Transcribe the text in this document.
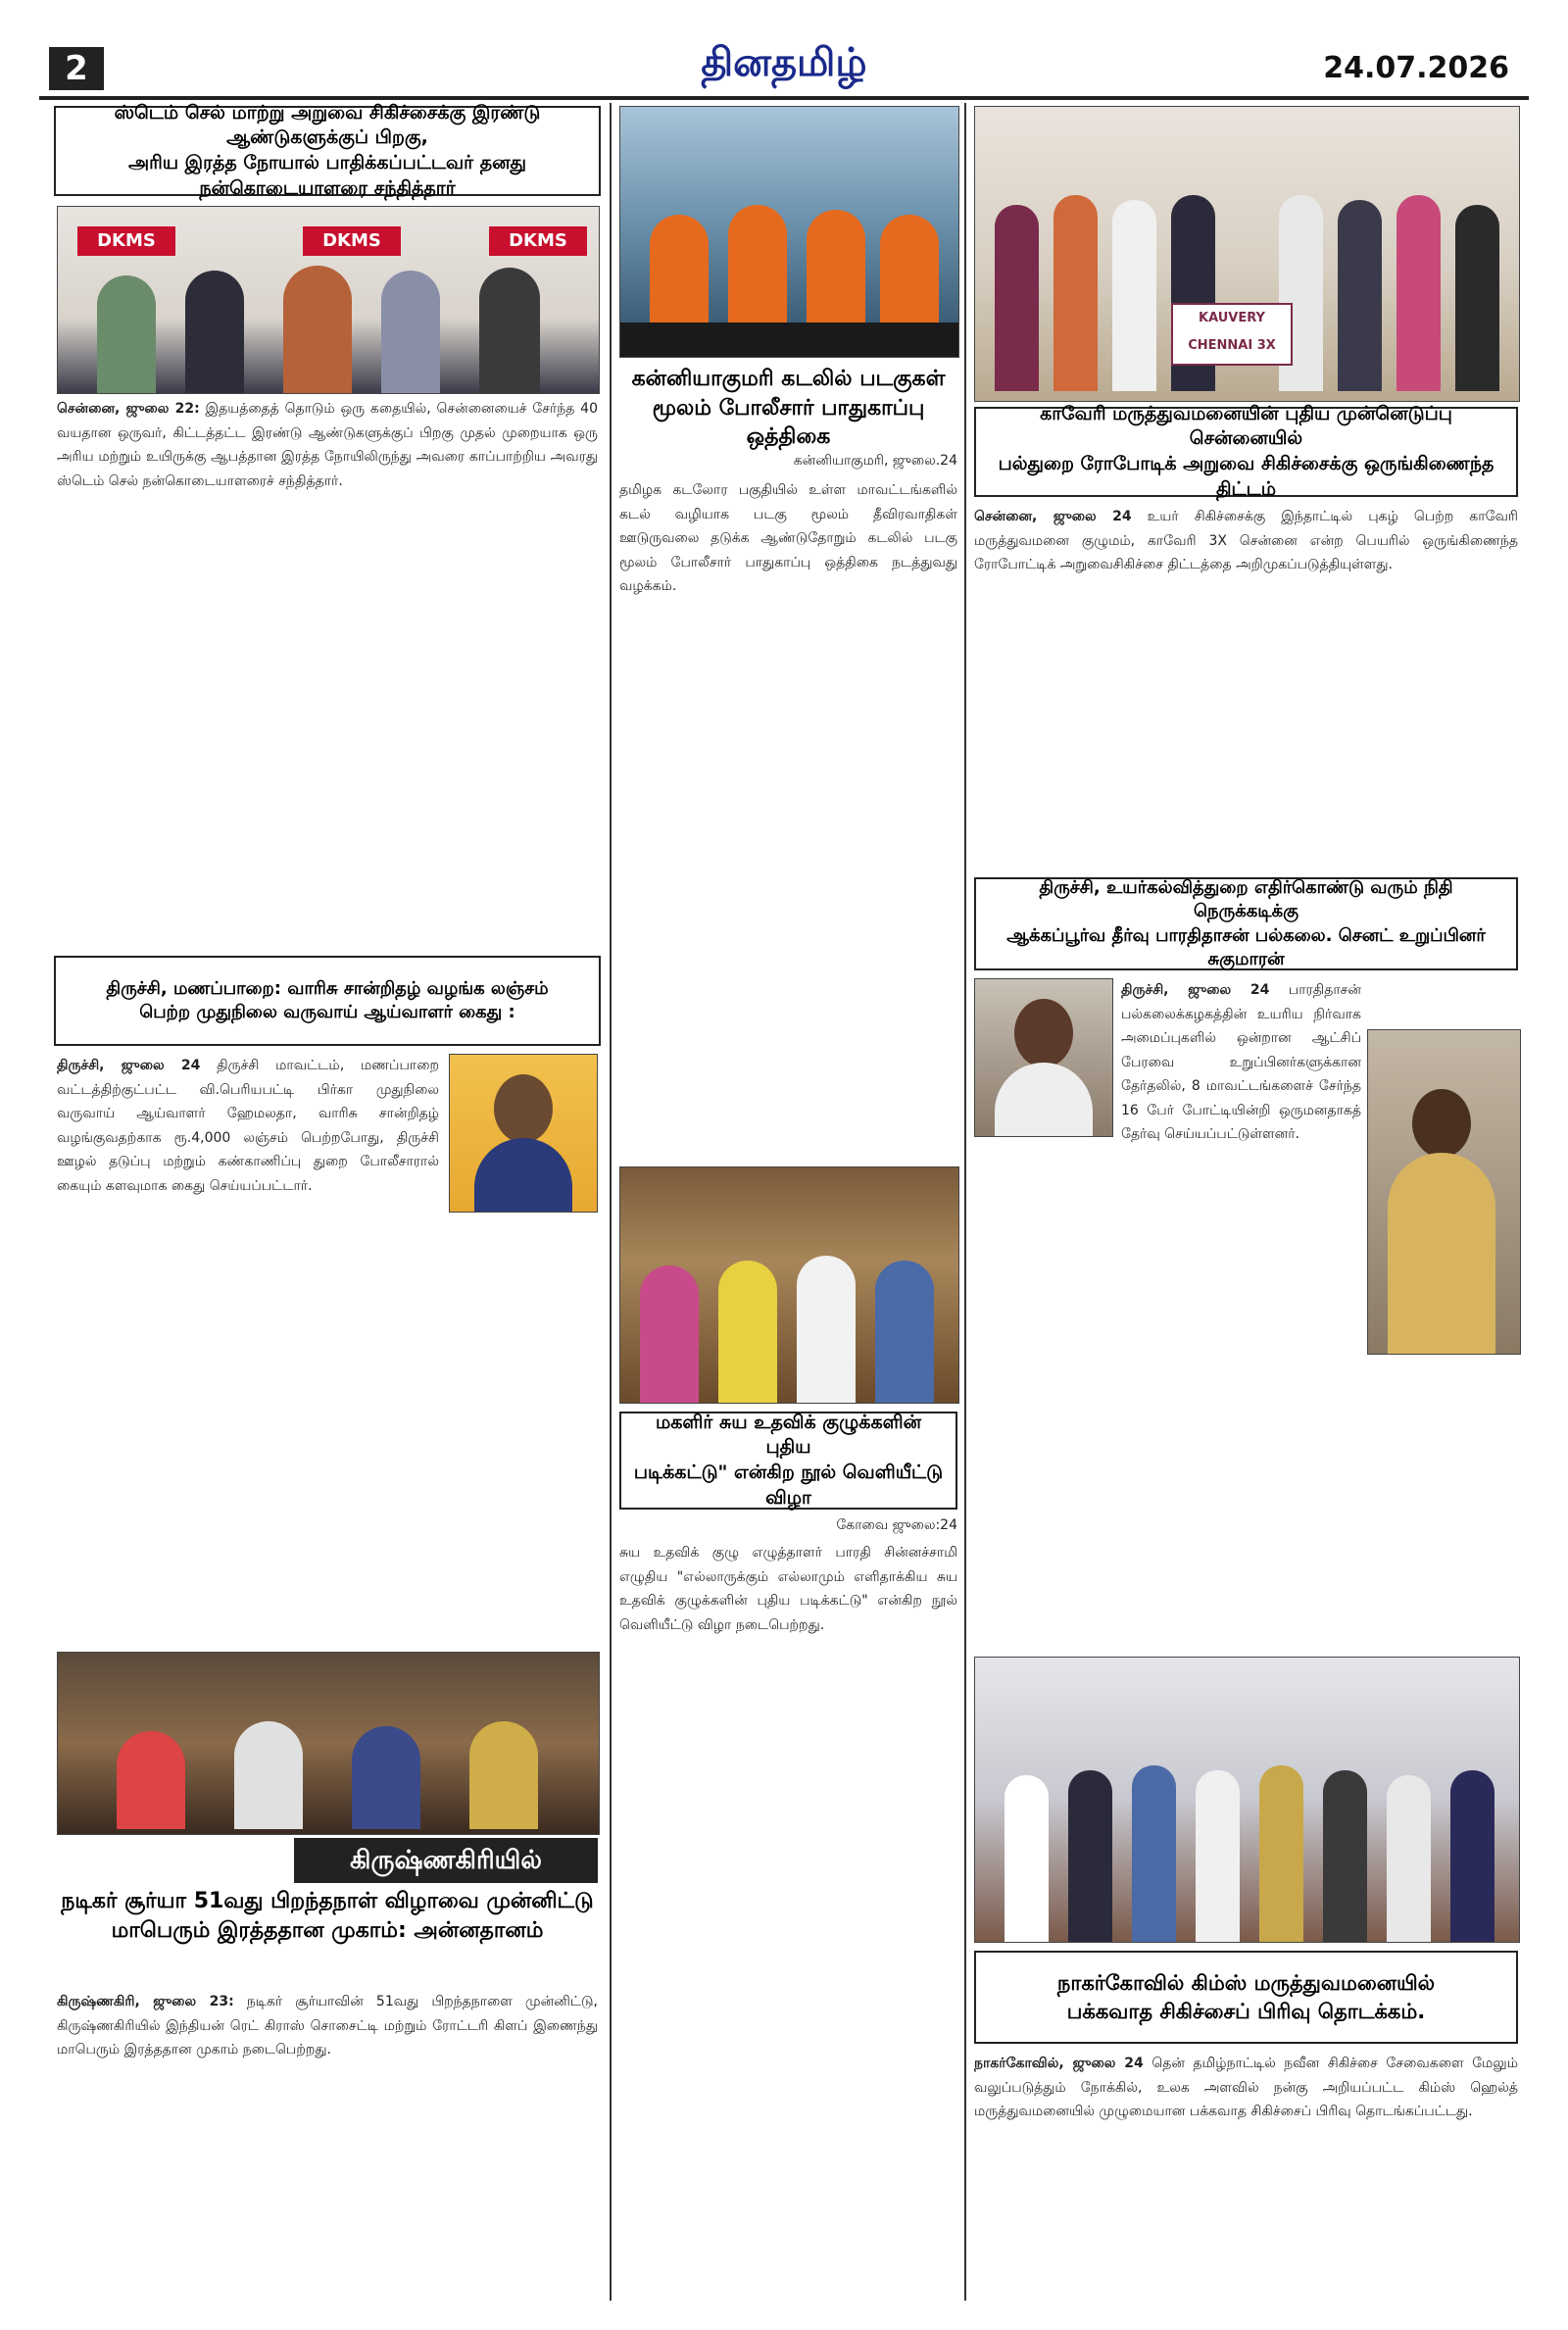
2	தினதமிழ்	24.07.2026
ஸ்டெம் செல் மாற்று அறுவை சிகிச்சைக்கு இரண்டு ஆண்டுகளுக்குப் பிறகு,
அரிய இரத்த நோயால் பாதிக்கப்பட்டவர் தனது நன்கொடையாளரை சந்தித்தார்
DKMS	DKMS	DKMS
சென்னை, ஜுலை 22: இதயத்தைத் தொடும் ஒரு கதையில், சென்னையைச் சேர்ந்த 40 வயதான ஒருவர், கிட்டத்தட்ட இரண்டு ஆண்டுகளுக்குப் பிறகு முதல் முறையாக ஒரு அரிய மற்றும் உயிருக்கு ஆபத்தான இரத்த நோயிலிருந்து அவரை காப்பாற்றிய அவரது ஸ்டெம் செல் நன்கொடையாளரைச் சந்தித்தார்.
திருச்சி, மணப்பாறை: வாரிசு சான்றிதழ் வழங்க லஞ்சம்
பெற்ற முதுநிலை வருவாய் ஆய்வாளர் கைது :
திருச்சி, ஜுலை 24 திருச்சி மாவட்டம், மணப்பாறை வட்டத்திற்குட்பட்ட வி.பெரியபட்டி பிர்கா முதுநிலை வருவாய் ஆய்வாளர் ஹேமலதா, வாரிசு சான்றிதழ் வழங்குவதற்காக ரூ.4,000 லஞ்சம் பெற்றபோது, திருச்சி ஊழல் தடுப்பு மற்றும் கண்காணிப்பு துறை போலீசாரால் கையும் களவுமாக கைது செய்யப்பட்டார்.
கிருஷ்ணகிரியில்
நடிகர் சூர்யா 51வது பிறந்தநாள் விழாவை முன்னிட்டு
மாபெரும் இரத்ததான முகாம்: அன்னதானம்
கிருஷ்ணகிரி, ஜுலை 23: நடிகர் சூர்யாவின் 51வது பிறந்தநாளை முன்னிட்டு, கிருஷ்ணகிரியில் இந்தியன் ரெட் கிராஸ் சொசைட்டி மற்றும் ரோட்டரி கிளப் இணைந்து மாபெரும் இரத்ததான முகாம் நடைபெற்றது.
கன்னியாகுமரி கடலில் படகுகள்
மூலம் போலீசார் பாதுகாப்பு ஒத்திகை
கன்னியாகுமரி, ஜுலை.24
தமிழக கடலோர பகுதியில் உள்ள மாவட்டங்களில் கடல் வழியாக படகு மூலம் தீவிரவாதிகள் ஊடுருவலை தடுக்க ஆண்டுதோறும் கடலில் படகு மூலம் போலீசார் பாதுகாப்பு ஒத்திகை நடத்துவது வழக்கம்.
மகளிர் சுய உதவிக் குழுக்களின் புதிய
படிக்கட்டு" என்கிற நூல் வெளியீட்டு விழா
கோவை ஜுலை:24
சுய உதவிக் குழு எழுத்தாளர் பாரதி சின்னச்சாமி எழுதிய "எல்லாருக்கும் எல்லாமும் எளிதாக்கிய சுய உதவிக் குழுக்களின் புதிய படிக்கட்டு" என்கிற நூல் வெளியீட்டு விழா நடைபெற்றது.
KAUVERY CHENNAI 3X
காவேரி மருத்துவமனையின் புதிய முன்னெடுப்பு சென்னையில்
பல்துறை ரோபோடிக் அறுவை சிகிச்சைக்கு ஒருங்கிணைந்த திட்டம்
சென்னை, ஜுலை 24 உயர் சிகிச்சைக்கு இந்தாட்டில் புகழ் பெற்ற காவேரி மருத்துவமனை குழுமம், காவேரி 3X சென்னை என்ற பெயரில் ஒருங்கிணைந்த ரோபோட்டிக் அறுவைசிகிச்சை திட்டத்தை அறிமுகப்படுத்தியுள்ளது.
திருச்சி, உயர்கல்வித்துறை எதிர்கொண்டு வரும் நிதி நெருக்கடிக்கு
ஆக்கப்பூர்வ தீர்வு பாரதிதாசன் பல்கலை. செனட் உறுப்பினர் சுகுமாரன்
திருச்சி, ஜுலை 24 பாரதிதாசன் பல்கலைக்கழகத்தின் உயரிய நிர்வாக அமைப்புகளில் ஒன்றான ஆட்சிப் பேரவை உறுப்பினர்களுக்கான தேர்தலில், 8 மாவட்டங்களைச் சேர்ந்த 16 பேர் போட்டியின்றி ஒருமனதாகத் தேர்வு செய்யப்பட்டுள்ளனர்.
நாகர்கோவில் கிம்ஸ் மருத்துவமனையில்
பக்கவாத சிகிச்சைப் பிரிவு தொடக்கம்.
நாகர்கோவில், ஜுலை 24 தென் தமிழ்நாட்டில் நவீன சிகிச்சை சேவைகளை மேலும் வலுப்படுத்தும் நோக்கில், உலக அளவில் நன்கு அறியப்பட்ட கிம்ஸ் ஹெல்த் மருத்துவமனையில் முழுமையான பக்கவாத சிகிச்சைப் பிரிவு தொடங்கப்பட்டது.
